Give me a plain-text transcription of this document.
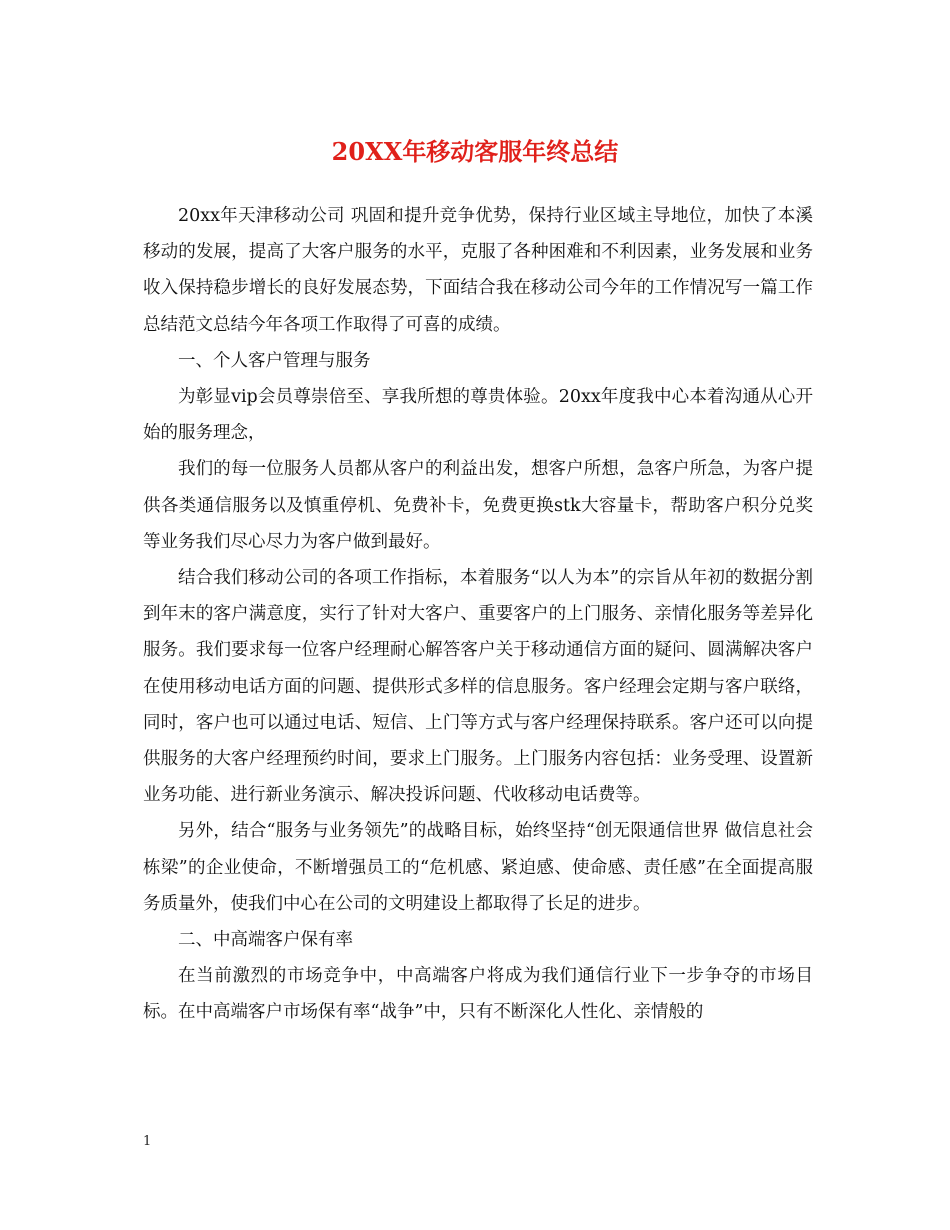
20XX年移动客服年终总结

20xx年天津移动公司 巩固和提升竞争优势，保持行业区域主导地位，加快了本溪移动的发展，提高了大客户服务的水平，克服了各种困难和不利因素，业务发展和业务收入保持稳步增长的良好发展态势，下面结合我在移动公司今年的工作情况写一篇工作总结范文总结今年各项工作取得了可喜的成绩。

一、个人客户管理与服务

为彰显vip会员尊崇倍至、享我所想的尊贵体验。20xx年度我中心本着沟通从心开始的服务理念，

我们的每一位服务人员都从客户的利益出发，想客户所想，急客户所急，为客户提供各类通信服务以及慎重停机、免费补卡，免费更换stk大容量卡，帮助客户积分兑奖等业务我们尽心尽力为客户做到最好。

结合我们移动公司的各项工作指标，本着服务“以人为本”的宗旨从年初的数据分割到年末的客户满意度，实行了针对大客户、重要客户的上门服务、亲情化服务等差异化服务。我们要求每一位客户经理耐心解答客户关于移动通信方面的疑问、圆满解决客户在使用移动电话方面的问题、提供形式多样的信息服务。客户经理会定期与客户联络，同时，客户也可以通过电话、短信、上门等方式与客户经理保持联系。客户还可以向提供服务的大客户经理预约时间，要求上门服务。上门服务内容包括：业务受理、设置新业务功能、进行新业务演示、解决投诉问题、代收移动电话费等。

另外，结合“服务与业务领先”的战略目标，始终坚持“创无限通信世界 做信息社会栋梁”的企业使命，不断增强员工的“危机感、紧迫感、使命感、责任感”在全面提高服务质量外，使我们中心在公司的文明建设上都取得了长足的进步。

二、中高端客户保有率

在当前激烈的市场竞争中，中高端客户将成为我们通信行业下一步争夺的市场目标。在中高端客户市场保有率“战争”中，只有不断深化人性化、亲情般的

1
